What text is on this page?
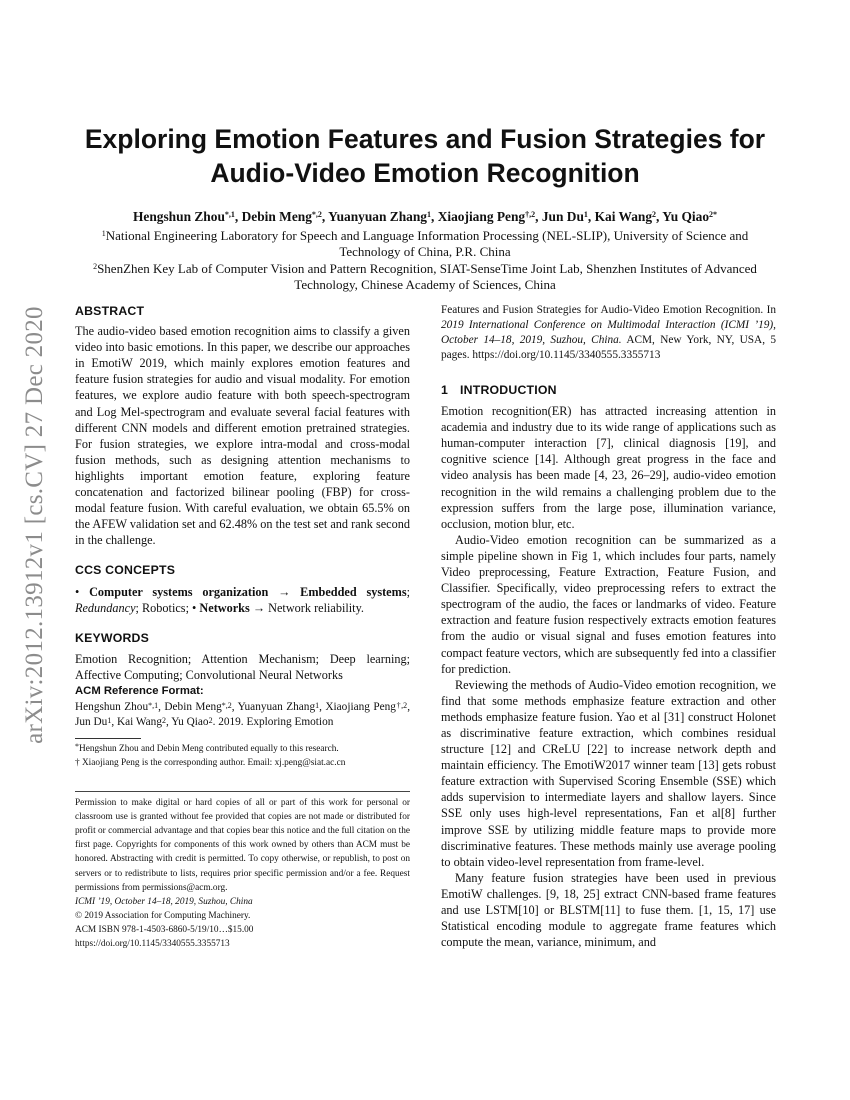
arXiv:2012.13912v1 [cs.CV] 27 Dec 2020
Exploring Emotion Features and Fusion Strategies for Audio-Video Emotion Recognition

Hengshun Zhou$^{*,1}$, Debin Meng$^{*,2}$, Yuanyuan Zhang$^1$, Xiaojiang Peng$^{\dagger,2}$, Jun Du$^1$, Kai Wang$^2$, Yu Qiao$^{2*}$

$^1$National Engineering Laboratory for Speech and Language Information Processing (NEL-SLIP), University of Science and Technology of China, P.R. China

$^2$ShenZhen Key Lab of Computer Vision and Pattern Recognition, SIAT-SenseTime Joint Lab, Shenzhen Institutes of Advanced Technology, Chinese Academy of Sciences, China

ABSTRACT

The audio-video based emotion recognition aims to classify a given video into basic emotions. In this paper, we describe our approaches in EmotiW 2019, which mainly explores emotion features and feature fusion strategies for audio and visual modality. For emotion features, we explore audio feature with both speech-spectrogram and Log Mel-spectrogram and evaluate several facial features with different CNN models and different emotion pretrained strategies. For fusion strategies, we explore intra-modal and cross-modal fusion methods, such as designing attention mechanisms to highlights important emotion feature, exploring feature concatenation and factorized bilinear pooling (FBP) for cross-modal feature fusion. With careful evaluation, we obtain 65.5% on the AFEW validation set and 62.48% on the test set and rank second in the challenge.

CCS CONCEPTS

• Computer systems organization → Embedded systems; Redundancy; Robotics; • Networks → Network reliability.

KEYWORDS

Emotion Recognition; Attention Mechanism; Deep learning; Affective Computing; Convolutional Neural Networks

ACM Reference Format:

Hengshun Zhou$^{*,1}$, Debin Meng$^{*,2}$, Yuanyuan Zhang$^1$, Xiaojiang Peng$^{\dagger,2}$, Jun Du$^1$, Kai Wang$^2$, Yu Qiao$^2$. 2019. Exploring Emotion

*Hengshun Zhou and Debin Meng contributed equally to this research.

† Xiaojiang Peng is the corresponding author. Email: xj.peng@siat.ac.cn

Permission to make digital or hard copies of all or part of this work for personal or classroom use is granted without fee provided that copies are not made or distributed for profit or commercial advantage and that copies bear this notice and the full citation on the first page. Copyrights for components of this work owned by others than ACM must be honored. Abstracting with credit is permitted. To copy otherwise, or republish, to post on servers or to redistribute to lists, requires prior specific permission and/or a fee. Request permissions from permissions@acm.org.

ICMI ’19, October 14–18, 2019, Suzhou, China
© 2019 Association for Computing Machinery.
ACM ISBN 978-1-4503-6860-5/19/10…$15.00
https://doi.org/10.1145/3340555.3355713

Features and Fusion Strategies for Audio-Video Emotion Recognition. In 2019 International Conference on Multimodal Interaction (ICMI ’19), October 14–18, 2019, Suzhou, China. ACM, New York, NY, USA, 5 pages. https://doi.org/10.1145/3340555.3355713

1 INTRODUCTION

Emotion recognition(ER) has attracted increasing attention in academia and industry due to its wide range of applications such as human-computer interaction [7], clinical diagnosis [19], and cognitive science [14]. Although great progress in the face and video analysis has been made [4, 23, 26–29], audio-video emotion recognition in the wild remains a challenging problem due to the expression suffers from the large pose, illumination variance, occlusion, motion blur, etc.

Audio-Video emotion recognition can be summarized as a simple pipeline shown in Fig 1, which includes four parts, namely Video preprocessing, Feature Extraction, Feature Fusion, and Classifier. Specifically, video preprocessing refers to extract the spectrogram of the audio, the faces or landmarks of video. Feature extraction and feature fusion respectively extracts emotion features from the audio or visual signal and fuses emotion features into compact feature vectors, which are subsequently fed into a classifier for prediction.

Reviewing the methods of Audio-Video emotion recognition, we find that some methods emphasize feature extraction and other methods emphasize feature fusion. Yao et al [31] construct Holonet as discriminative feature extraction, which combines residual structure [12] and CReLU [22] to increase network depth and maintain efficiency. The EmotiW2017 winner team [13] gets robust feature extraction with Supervised Scoring Ensemble (SSE) which adds supervision to intermediate layers and shallow layers. Since SSE only uses high-level representations, Fan et al[8] further improve SSE by utilizing middle feature maps to provide more discriminative features. These methods mainly use average pooling to obtain video-level representation from frame-level.

Many feature fusion strategies have been used in previous EmotiW challenges. [9, 18, 25] extract CNN-based frame features and use LSTM[10] or BLSTM[11] to fuse them. [1, 15, 17] use Statistical encoding module to aggregate frame features which compute the mean, variance, minimum, and
